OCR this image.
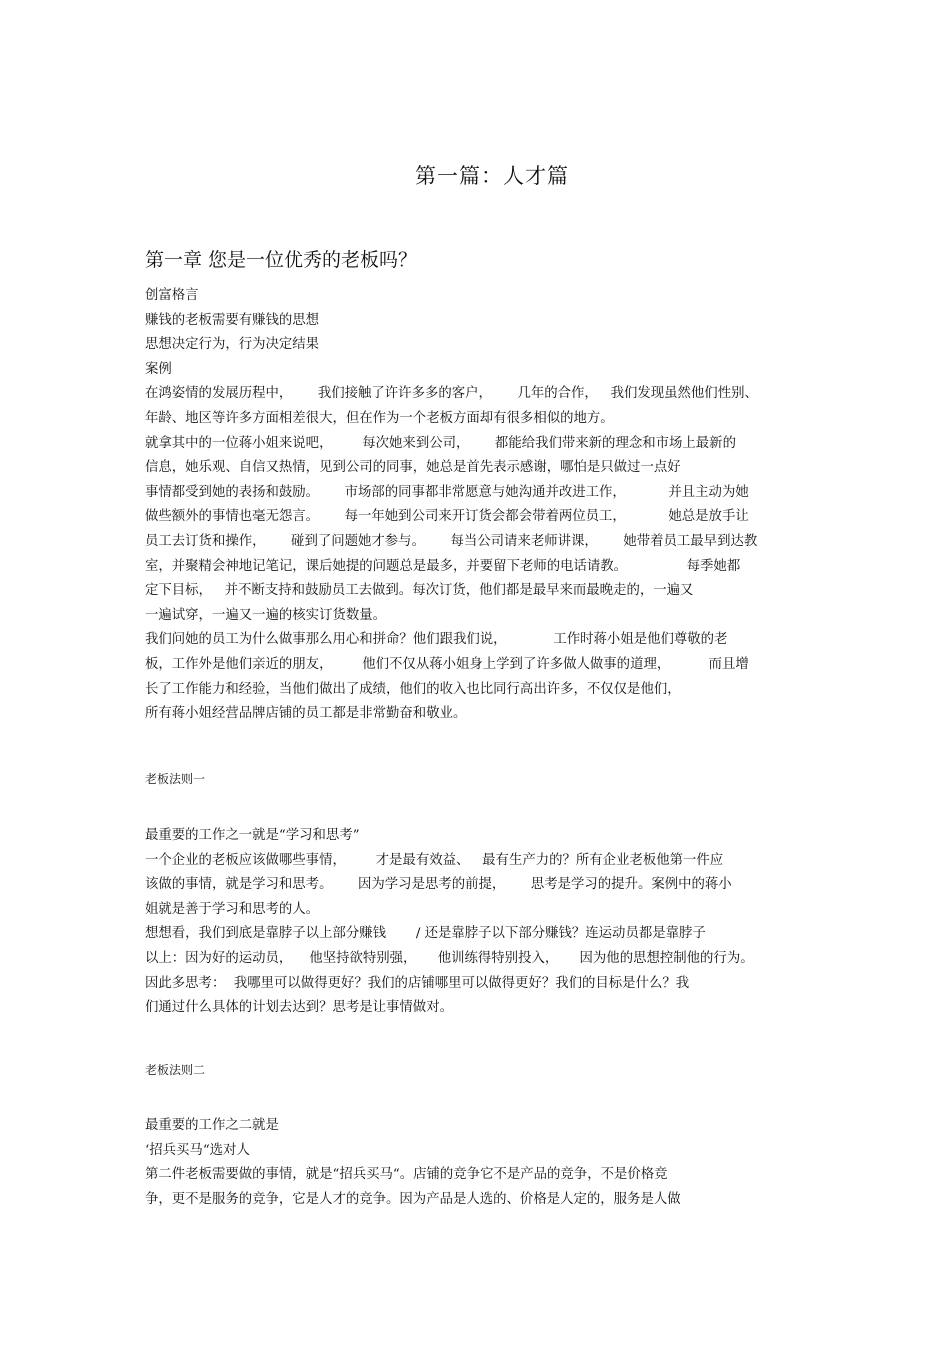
第一篇：人才篇
第一章 您是一位优秀的老板吗？
创富格言
赚钱的老板需要有赚钱的思想
思想决定行为，行为决定结果
案例
在鸿姿情的发展历程中，      我们接触了许许多多的客户，      几年的合作，   我们发现虽然他们性别、
年龄、地区等许多方面相差很大，但在作为一个老板方面却有很多相似的地方。
就拿其中的一位蒋小姐来说吧，       每次她来到公司，      都能给我们带来新的理念和市场上最新的
信息，她乐观、自信又热情，见到公司的同事，她总是首先表示感谢，哪怕是只做过一点好
事情都受到她的表扬和鼓励。      市场部的同事都非常愿意与她沟通并改进工作，          并且主动为她
做些额外的事情也毫无怨言。      每一年她到公司来开订货会都会带着两位员工，          她总是放手让
员工去订货和操作，      碰到了问题她才参与。      每当公司请来老师讲课，      她带着员工最早到达教
室，并聚精会神地记笔记，课后她提的问题总是最多，并要留下老师的电话请教。              每季她都
定下目标，   并不断支持和鼓励员工去做到。每次订货，他们都是最早来而最晚走的，一遍又
一遍试穿，一遍又一遍的核实订货数量。
我们问她的员工为什么做事那么用心和拼命？他们跟我们说，           工作时蒋小姐是他们尊敬的老
板，工作外是他们亲近的朋友，       他们不仅从蒋小姐身上学到了许多做人做事的道理，         而且增
长了工作能力和经验，当他们做出了成绩，他们的收入也比同行高出许多，不仅仅是他们，
所有蒋小姐经营品牌店铺的员工都是非常勤奋和敬业。
老板法则一
最重要的工作之一就是“学习和思考”
一个企业的老板应该做哪些事情，       才是最有效益、   最有生产力的？所有企业老板他第一件应
该做的事情，就是学习和思考。      因为学习是思考的前提，      思考是学习的提升。案例中的蒋小
姐就是善于学习和思考的人。
想想看，我们到底是靠脖子以上部分赚钱       / 还是靠脖子以下部分赚钱？连运动员都是靠脖子
以上：因为好的运动员，    他坚持欲特别强，     他训练得特别投入，     因为他的思想控制他的行为。
因此多思考：  我哪里可以做得更好？我们的店铺哪里可以做得更好？我们的目标是什么？我
们通过什么具体的计划去达到？思考是让事情做对。
老板法则二
最重要的工作之二就是
‘招兵买马“选对人
第二件老板需要做的事情，就是“招兵买马“。店铺的竞争它不是产品的竞争，不是价格竞
争，更不是服务的竞争，它是人才的竞争。因为产品是人选的、价格是人定的，服务是人做
